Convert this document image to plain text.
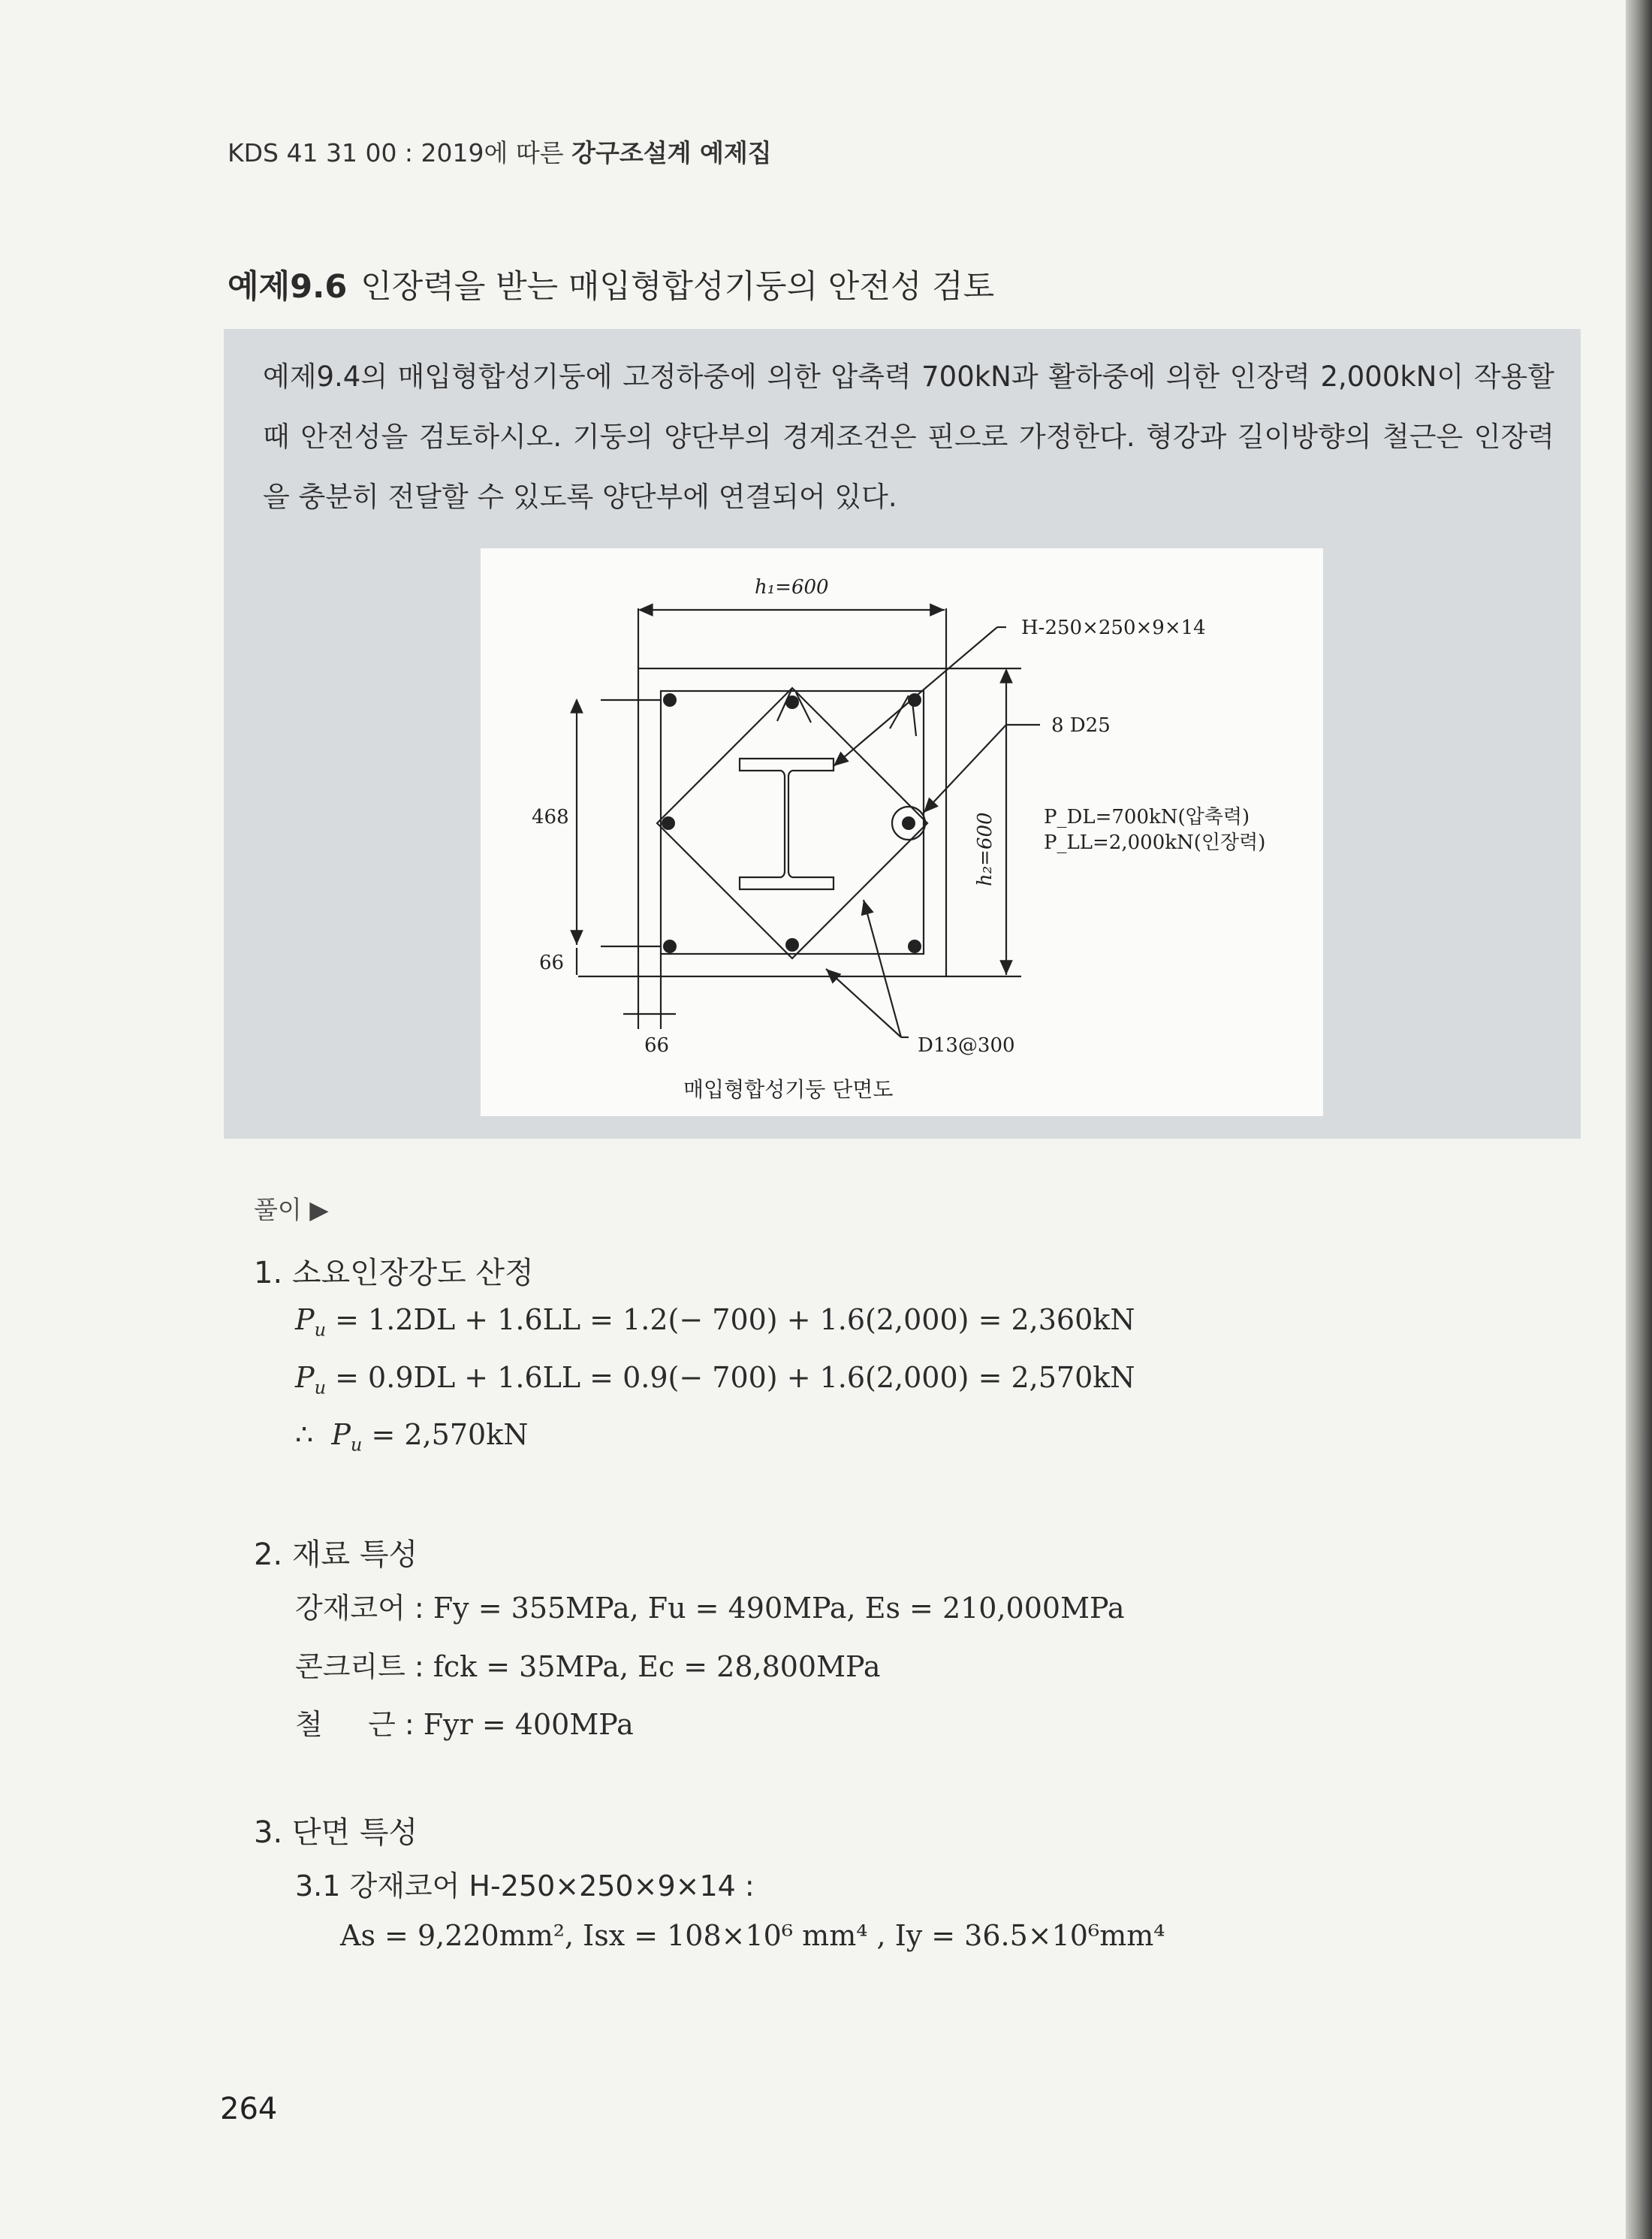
KDS 41 31 00 : 2019에 따른 강구조설계 예제집
예제9.6 인장력을 받는 매입형합성기둥의 안전성 검토
예제9.4의 매입형합성기둥에 고정하중에 의한 압축력 700kN과 활하중에 의한 인장력 2,000kN이 작용할 때 안전성을 검토하시오. 기둥의 양단부의 경계조건은 핀으로 가정한다. 형강과 길이방향의 철근은 인장력을 충분히 전달할 수 있도록 양단부에 연결되어 있다.
h₁=600
H-250×250×9×14
8 D25
468
66
66
h₂=600 P_DL=700kN(압축력)
P_LL=2,000kN(인장력)
D13@300
매입형합성기둥 단면도
풀이 ▶
1. 소요인장강도 산정
$P_u = 1.2DL + 1.6LL = 1.2(- 700) + 1.6(2,000) = 2,360kN$
$P_u = 0.9DL + 1.6LL = 0.9(- 700) + 1.6(2,000) = 2,570kN$
∴  $P_u = 2,570kN$
2. 재료 특성
강재코어 : Fy = 355MPa, Fu = 490MPa, Es = 210,000MPa
콘크리트 : fck = 35MPa, Ec = 28,800MPa
철     근 : Fyr = 400MPa
3. 단면 특성
3.1 강재코어 H-250×250×9×14 :
As = 9,220mm², Isx = 108×10⁶ mm⁴ , Iy = 36.5×10⁶mm⁴
264
